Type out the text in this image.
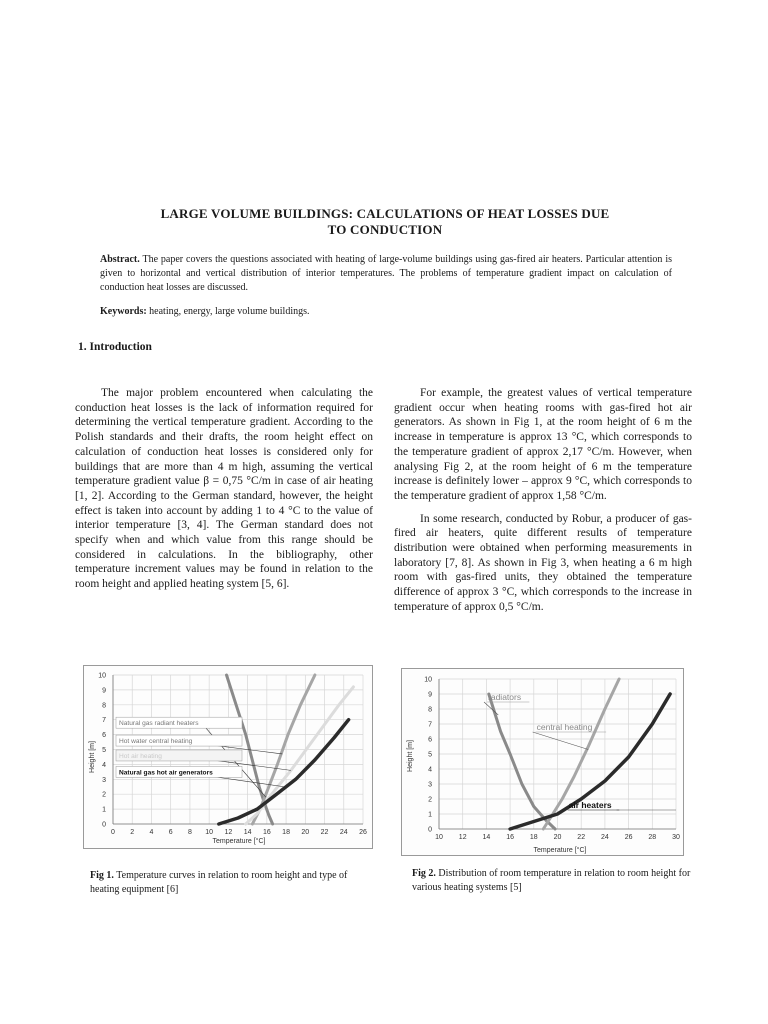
LARGE VOLUME BUILDINGS: CALCULATIONS OF HEAT LOSSES DUE
TO CONDUCTION
Abstract. The paper covers the questions associated with heating of large-volume buildings using gas-fired air heaters. Particular attention is given to horizontal and vertical distribution of interior temperatures. The problems of temperature gradient impact on calculation of conduction heat losses are discussed.
Keywords: heating, energy, large volume buildings.
1. Introduction

The major problem encountered when calculating the conduction heat losses is the lack of information required for determining the vertical temperature gradient. According to the Polish standards and their drafts, the room height effect on calculation of conduction heat losses is considered only for buildings that are more than 4 m high, assuming the vertical temperature gradient value β = 0,75 °C/m in case of air heating [1, 2]. According to the German standard, however, the height effect is taken into account by adding 1 to 4 °C to the value of interior temperature [3, 4]. The German standard does not specify when and which value from this range should be considered in calculations. In the bibliography, other temperature increment values may be found in relation to the room height and applied heating system [5, 6].

For example, the greatest values of vertical temperature gradient occur when heating rooms with gas-fired hot air generators. As shown in Fig 1, at the room height of 6 m the increase in temperature is approx 13 °C, which corresponds to the temperature gradient of approx 2,17 °C/m. However, when analysing Fig 2, at the room height of 6 m the temperature increase is definitely lower – approx 9 °C, which corresponds to the temperature gradient of approx 1,58 °C/m.

In some research, conducted by Robur, a producer of gas-fired air heaters, quite different results of temperature distribution were obtained when performing measurements in laboratory [7, 8]. As shown in Fig 3, when heating a 6 m high room with gas-fired units, they obtained the temperature difference of approx 3 °C, which corresponds to the increase in temperature of approx 0,5 °C/m.

Natural gas radiant heaters
Hot water central heating
Hot air heating
Natural gas hot air generators
0
1
2
3
4
5
6
7
8
9
10
0 2 4 6 8 10 12 14 16 18 20 22 24 26
Temperature [°C]
Height [m]
radiators
central heating
air heaters
0
1
2
3
4
5
6
7
8
9
10
10 12 14 16 18 20 22 24 26 28 30
Temperature [°C]
Height [m]
Fig 1. Temperature curves in relation to room height and type of heating equipment [6]
Fig 2. Distribution of room temperature in relation to room height for various heating systems [5]
